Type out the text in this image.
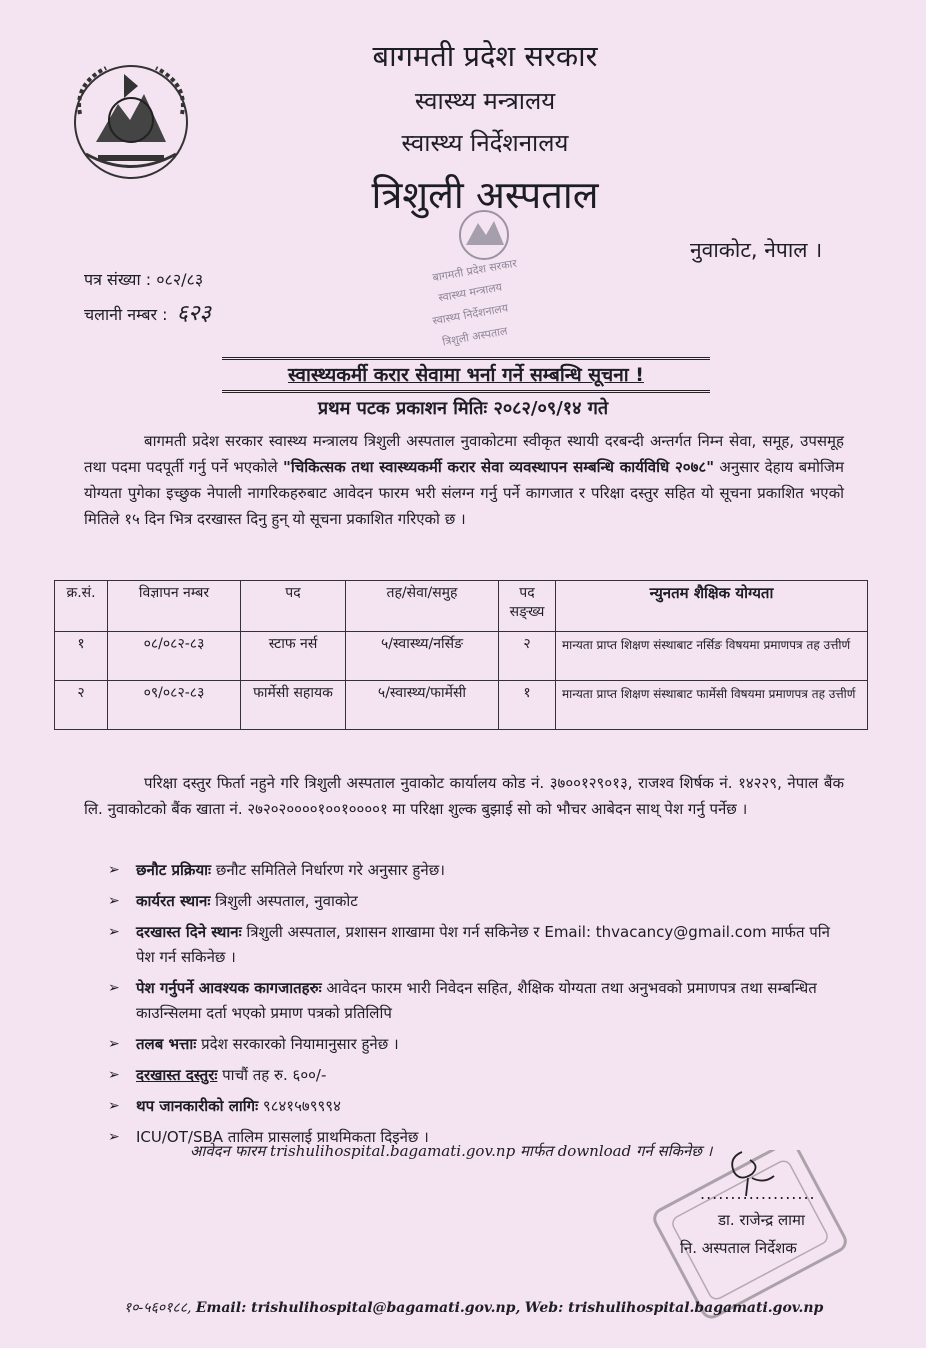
बागमती प्रदेश सरकार
स्वास्थ्य मन्त्रालय
स्वास्थ्य निर्देशनालय
त्रिशुली अस्पताल
नुवाकोट, नेपाल ।
पत्र संख्या : ०८२/८३
चलानी नम्बर : ६२३
बागमती प्रदेश सरकार
स्वास्थ्य मन्त्रालय
स्वास्थ्य निर्देशनालय
त्रिशुली अस्पताल
स्वास्थ्यकर्मी करार सेवामा भर्ना गर्ने सम्बन्धि सूचना !
प्रथम पटक प्रकाशन मितिः २०८२/०९/१४ गते
बागमती प्रदेश सरकार स्वास्थ्य मन्त्रालय त्रिशुली अस्पताल नुवाकोटमा स्वीकृत स्थायी दरबन्दी अन्तर्गत निम्न सेवा, समूह, उपसमूह तथा पदमा पदपूर्ती गर्नु पर्ने भएकोले "चिकित्सक तथा स्वास्थ्यकर्मी करार सेवा व्यवस्थापन सम्बन्धि कार्यविधि २०७८" अनुसार देहाय बमोजिम योग्यता पुगेका इच्छुक नेपाली नागरिकहरुबाट आवेदन फारम भरी संलग्न गर्नु पर्ने कागजात र परिक्षा दस्तुर सहित यो सूचना प्रकाशित भएको मितिले १५ दिन भित्र दरखास्त दिनु हुन् यो सूचना प्रकाशित गरिएको छ ।
क्र.सं.	विज्ञापन नम्बर	पद	तह/सेवा/समुह	पद सङ्ख्य	न्युनतम शैक्षिक योग्यता
१	०८/०८२-८३	स्टाफ नर्स	५/स्वास्थ्य/नर्सिङ	२	मान्यता प्राप्त शिक्षण संस्थाबाट नर्सिङ विषयमा प्रमाणपत्र तह उत्तीर्ण
२	०९/०८२-८३	फार्मेसी सहायक	५/स्वास्थ्य/फार्मेसी	१	मान्यता प्राप्त शिक्षण संस्थाबाट फार्मेसी विषयमा प्रमाणपत्र तह उत्तीर्ण
परिक्षा दस्तुर फिर्ता नहुने गरि त्रिशुली अस्पताल नुवाकोट कार्यालय कोड नं. ३७००१२९०१३, राजश्व शिर्षक नं. १४२२९, नेपाल बैंक लि. नुवाकोटको बैंक खाता नं. २७२०२००००१००१००००१ मा परिक्षा शुल्क बुझाई सो को भौचर आबेदन साथ् पेश गर्नु पर्नेछ ।
➢ छनौट प्रक्रियाः छनौट समितिले निर्धारण गरे अनुसार हुनेछ।
➢ कार्यरत स्थानः त्रिशुली अस्पताल, नुवाकोट
➢ दरखास्त दिने स्थानः त्रिशुली अस्पताल, प्रशासन शाखामा पेश गर्न सकिनेछ र Email: thvacancy@gmail.com मार्फत पनि पेश गर्न सकिनेछ ।
➢ पेश गर्नुपर्ने आवश्यक कागजातहरुः आवेदन फारम भारी निवेदन सहित, शैक्षिक योग्यता तथा अनुभवको प्रमाणपत्र तथा सम्बन्धित काउन्सिलमा दर्ता भएको प्रमाण पत्रको प्रतिलिपि
➢ तलब भत्ताः प्रदेश सरकारको नियामानुसार हुनेछ ।
➢ दरखास्त दस्तुरः पाचौं तह रु. ६००/-
➢ थप जानकारीको लागिः ९८४१५७९९९४
➢ ICU/OT/SBA तालिम प्रासलाई प्राथमिकता दिइनेछ ।
आवेदन फारम trishulihospital.bagamati.gov.np मार्फत download गर्न सकिनेछ ।
...................
डा. राजेन्द्र लामा
नि. अस्पताल निर्देशक
१०-५६०१८८, Email: trishulihospital@bagamati.gov.np, Web: trishulihospital.bagamati.gov.np
